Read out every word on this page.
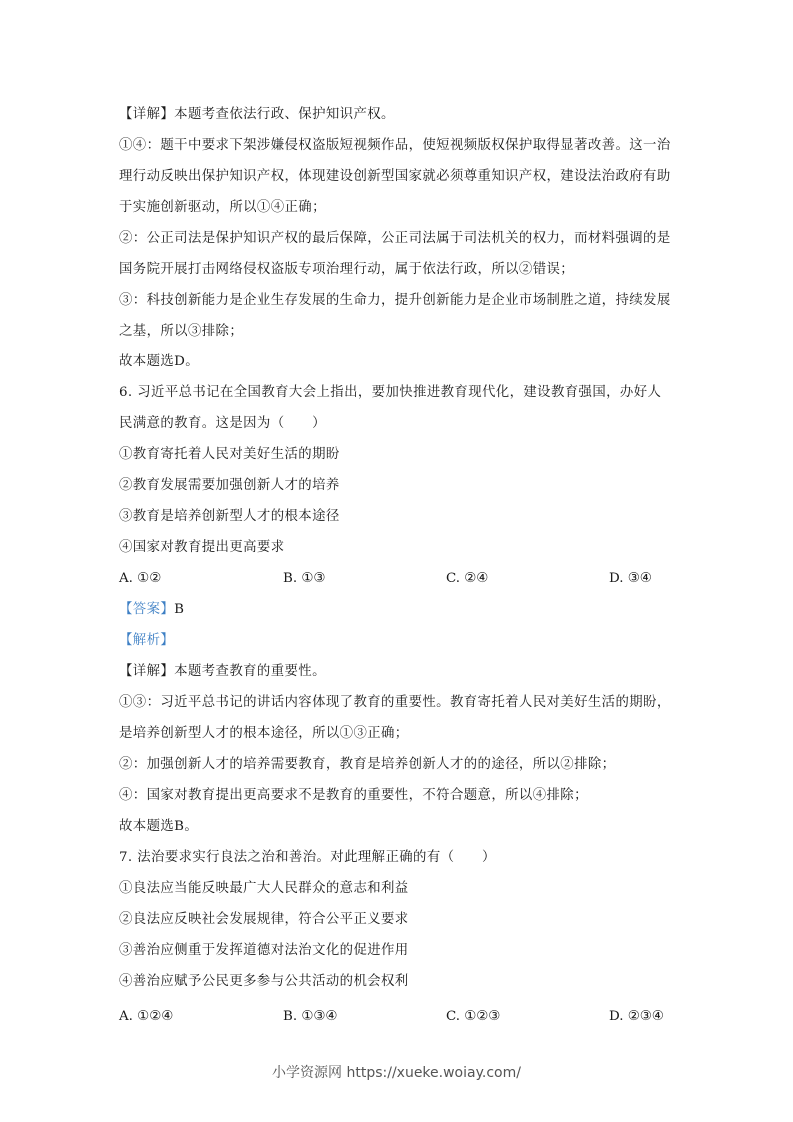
【详解】本题考查依法行政、保护知识产权。
①④：题干中要求下架涉嫌侵权盗版短视频作品，使短视频版权保护取得显著改善。这一治
理行动反映出保护知识产权，体现建设创新型国家就必须尊重知识产权，建设法治政府有助
于实施创新驱动，所以①④正确；
②：公正司法是保护知识产权的最后保障，公正司法属于司法机关的权力，而材料强调的是
国务院开展打击网络侵权盗版专项治理行动，属于依法行政，所以②错误；
③：科技创新能力是企业生存发展的生命力，提升创新能力是企业市场制胜之道，持续发展
之基，所以③排除；
故本题选D。
6. 习近平总书记在全国教育大会上指出，要加快推进教育现代化，建设教育强国，办好人
民满意的教育。这是因为（　　）
①教育寄托着人民对美好生活的期盼
②教育发展需要加强创新人才的培养
③教育是培养创新型人才的根本途径
④国家对教育提出更高要求
A. ①②	B. ①③	C. ②④	D. ③④
【答案】B
【解析】
【详解】本题考查教育的重要性。
①③：习近平总书记的讲话内容体现了教育的重要性。教育寄托着人民对美好生活的期盼，
是培养创新型人才的根本途径，所以①③正确；
②：加强创新人才的培养需要教育，教育是培养创新人才的的途径，所以②排除；
④：国家对教育提出更高要求不是教育的重要性，不符合题意，所以④排除；
故本题选B。
7. 法治要求实行良法之治和善治。对此理解正确的有（　　）
①良法应当能反映最广大人民群众的意志和利益
②良法应反映社会发展规律，符合公平正义要求
③善治应侧重于发挥道德对法治文化的促进作用
④善治应赋予公民更多参与公共活动的机会权利
A. ①②④	B. ①③④	C. ①②③	D. ②③④
小学资源网 https://xueke.woiay.com/
